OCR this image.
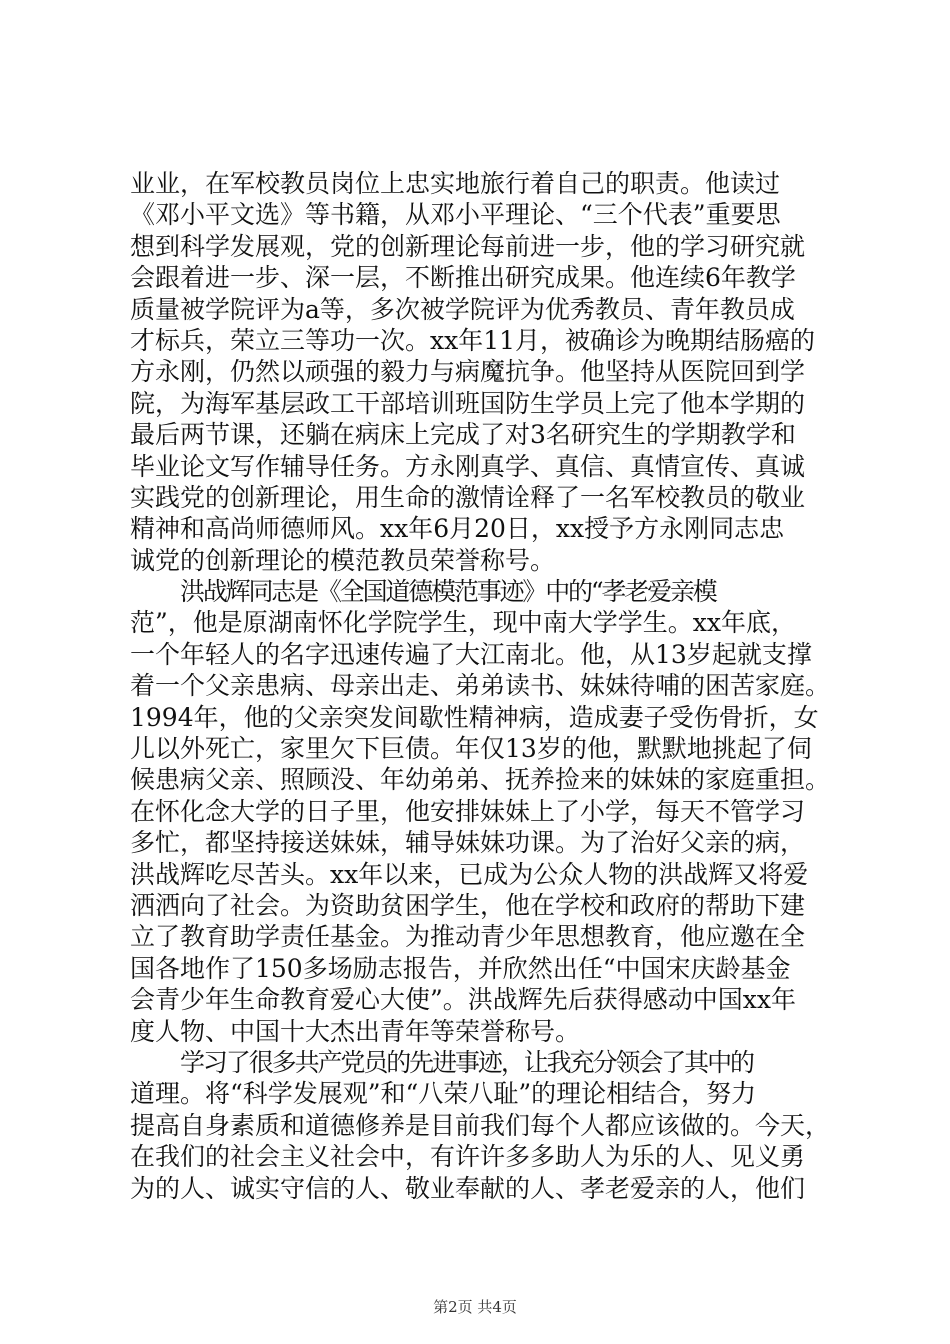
业业，在军校教员岗位上忠实地旅行着自己的职责。他读过
《邓小平文选》等书籍，从邓小平理论、“三个代表”重要思
想到科学发展观，党的创新理论每前进一步，他的学习研究就
会跟着进一步、深一层，不断推出研究成果。他连续6年教学
质量被学院评为a等，多次被学院评为优秀教员、青年教员成
才标兵，荣立三等功一次。xx年11月，被确诊为晚期结肠癌的
方永刚，仍然以顽强的毅力与病魔抗争。他坚持从医院回到学
院，为海军基层政工干部培训班国防生学员上完了他本学期的
最后两节课，还躺在病床上完成了对3名研究生的学期教学和
毕业论文写作辅导任务。方永刚真学、真信、真情宣传、真诚
实践党的创新理论，用生命的激情诠释了一名军校教员的敬业
精神和高尚师德师风。xx年6月20日，xx授予方永刚同志忠
诚党的创新理论的模范教员荣誉称号。
洪战辉同志是《全国道德模范事迹》中的“孝老爱亲模
范”，他是原湖南怀化学院学生，现中南大学学生。xx年底，
一个年轻人的名字迅速传遍了大江南北。他，从13岁起就支撑
着一个父亲患病、母亲出走、弟弟读书、妹妹待哺的困苦家庭。
1994年，他的父亲突发间歇性精神病，造成妻子受伤骨折，女
儿以外死亡，家里欠下巨债。年仅13岁的他，默默地挑起了伺
候患病父亲、照顾没、年幼弟弟、抚养捡来的妹妹的家庭重担。
在怀化念大学的日子里，他安排妹妹上了小学，每天不管学习
多忙，都坚持接送妹妹，辅导妹妹功课。为了治好父亲的病，
洪战辉吃尽苦头。xx年以来，已成为公众人物的洪战辉又将爱
洒洒向了社会。为资助贫困学生，他在学校和政府的帮助下建
立了教育助学责任基金。为推动青少年思想教育，他应邀在全
国各地作了150多场励志报告，并欣然出任“中国宋庆龄基金
会青少年生命教育爱心大使”。洪战辉先后获得感动中国xx年
度人物、中国十大杰出青年等荣誉称号。
学习了很多共产党员的先进事迹，让我充分领会了其中的
道理。将“科学发展观”和“八荣八耻”的理论相结合，努力
提高自身素质和道德修养是目前我们每个人都应该做的。今天，
在我们的社会主义社会中，有许许多多助人为乐的人、见义勇
为的人、诚实守信的人、敬业奉献的人、孝老爱亲的人，他们
第2页 共4页
